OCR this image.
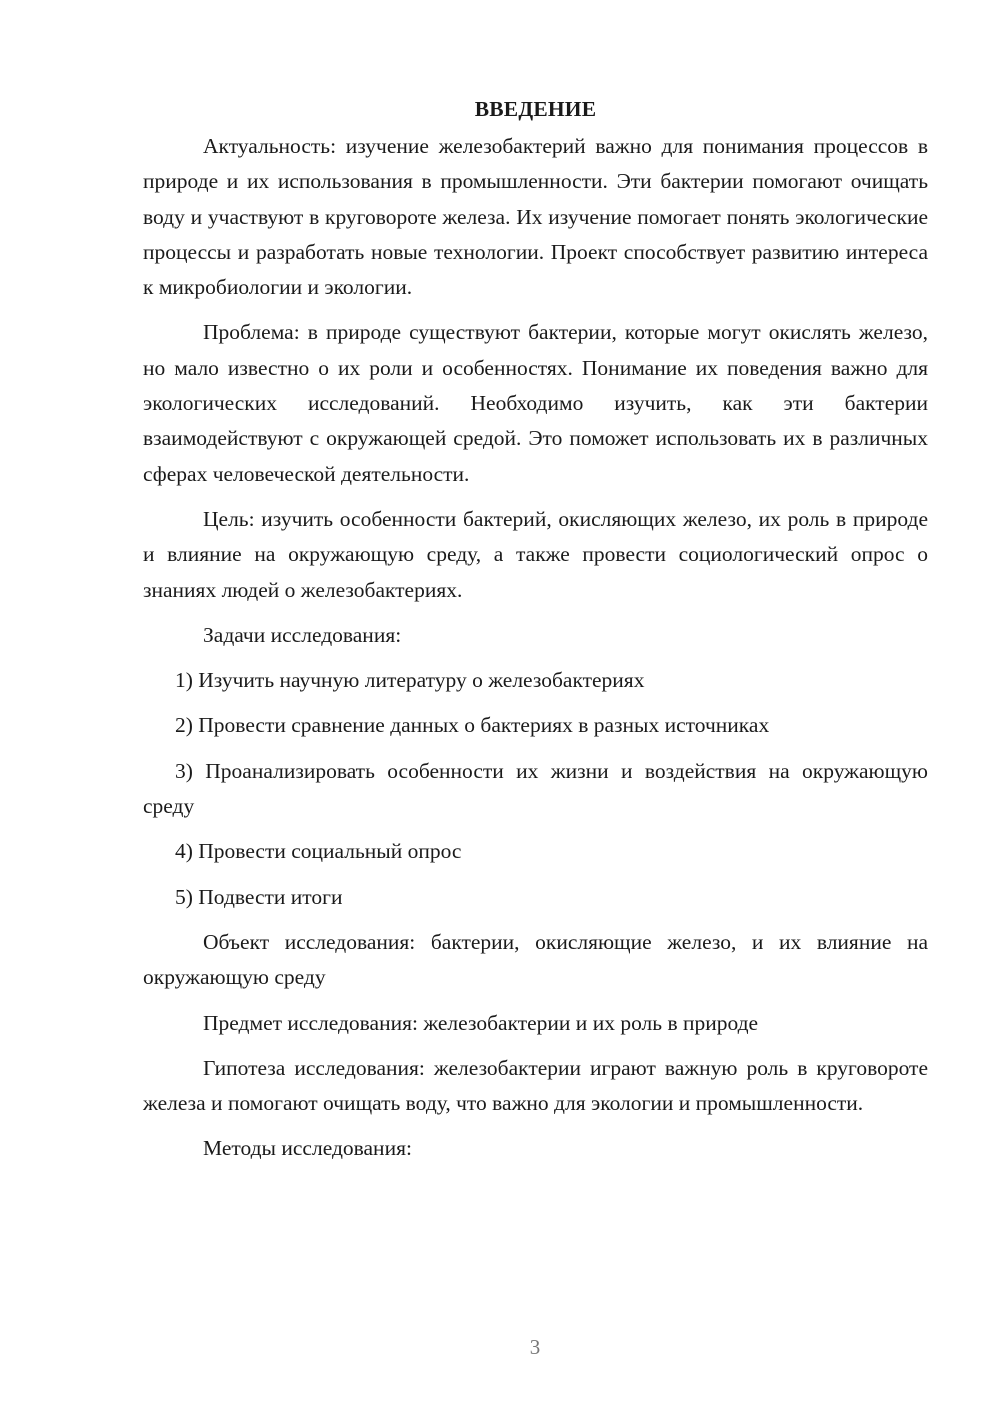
ВВЕДЕНИЕ

Актуальность: изучение железобактерий важно для понимания процессов в природе и их использования в промышленности. Эти бактерии помогают очищать воду и участвуют в круговороте железа. Их изучение помогает понять экологические процессы и разработать новые технологии. Проект способствует развитию интереса к микробиологии и экологии.

Проблема: в природе существуют бактерии, которые могут окислять железо, но мало известно о их роли и особенностях. Понимание их поведения важно для экологических исследований. Необходимо изучить, как эти бактерии взаимодействуют с окружающей средой. Это поможет использовать их в различных сферах человеческой деятельности.

Цель: изучить особенности бактерий, окисляющих железо, их роль в природе и влияние на окружающую среду, а также провести социологический опрос о знаниях людей о железобактериях.

Задачи исследования:

1) Изучить научную литературу о железобактериях

2) Провести сравнение данных о бактериях в разных источниках

3) Проанализировать особенности их жизни и воздействия на окружающую среду

4) Провести социальный опрос

5) Подвести итоги

Объект исследования: бактерии, окисляющие железо, и их влияние на окружающую среду

Предмет исследования: железобактерии и их роль в природе

Гипотеза исследования: железобактерии играют важную роль в круговороте железа и помогают очищать воду, что важно для экологии и промышленности.

Методы исследования:

3
